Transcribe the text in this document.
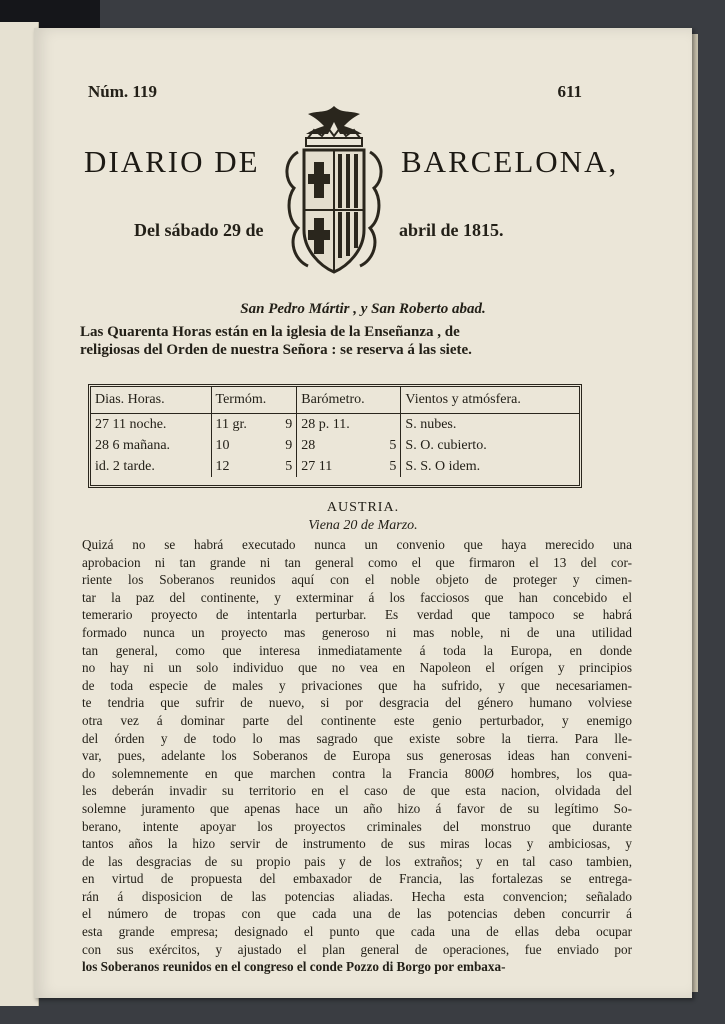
Núm. 119	611
DIARIO DE	BARCELONA,
Del sábado 29 de	abril de 1815.
San Pedro Mártir , y San Roberto abad.
Las Quarenta Horas están en la iglesia de la Enseñanza , de
religiosas del Orden de nuestra Señora : se reserva á las siete.
Dias. Horas.	Termóm.		Barómetro.		Vientos y atmósfera.
27 11 noche.	11 gr.	9	28 p. 11.		S. nubes.
28 6 mañana.	10	9	28	5	S. O. cubierto.
id. 2 tarde.	12	5	27 11	5	S. S. O idem.
AUSTRIA.
Viena 20 de Marzo.
Quizá no se habrá executado nunca un convenio que haya merecido una
aprobacion ni tan grande ni tan general como el que firmaron el 13 del cor-
riente los Soberanos reunidos aquí con el noble objeto de proteger y cimen-
tar la paz del continente, y exterminar á los facciosos que han concebido el
temerario proyecto de intentarla perturbar. Es verdad que tampoco se habrá
formado nunca un proyecto mas generoso ni mas noble, ni de una utilidad
tan general, como que interesa inmediatamente á toda la Europa, en donde
no hay ni un solo individuo que no vea en Napoleon el orígen y principios
de toda especie de males y privaciones que ha sufrido, y que necesariamen-
te tendria que sufrir de nuevo, si por desgracia del género humano volviese
otra vez á dominar parte del continente este genio perturbador, y enemigo
del órden y de todo lo mas sagrado que existe sobre la tierra. Para lle-
var, pues, adelante los Soberanos de Europa sus generosas ideas han conveni-
do solemnemente en que marchen contra la Francia 800Ø hombres, los qua-
les deberán invadir su territorio en el caso de que esta nacion, olvidada del
solemne juramento que apenas hace un año hizo á favor de su legítimo So-
berano, intente apoyar los proyectos criminales del monstruo que durante
tantos años la hizo servir de instrumento de sus miras locas y ambiciosas, y
de las desgracias de su propio pais y de los extraños; y en tal caso tambien,
en virtud de propuesta del embaxador de Francia, las fortalezas se entrega-
rán á disposicion de las potencias aliadas. Hecha esta convencion; señalado
el número de tropas con que cada una de las potencias deben concurrir á
esta grande empresa; designado el punto que cada una de ellas deba ocupar
con sus exércitos, y ajustado el plan general de operaciones, fue enviado por
los Soberanos reunidos en el congreso el conde Pozzo di Borgo por embaxa-
